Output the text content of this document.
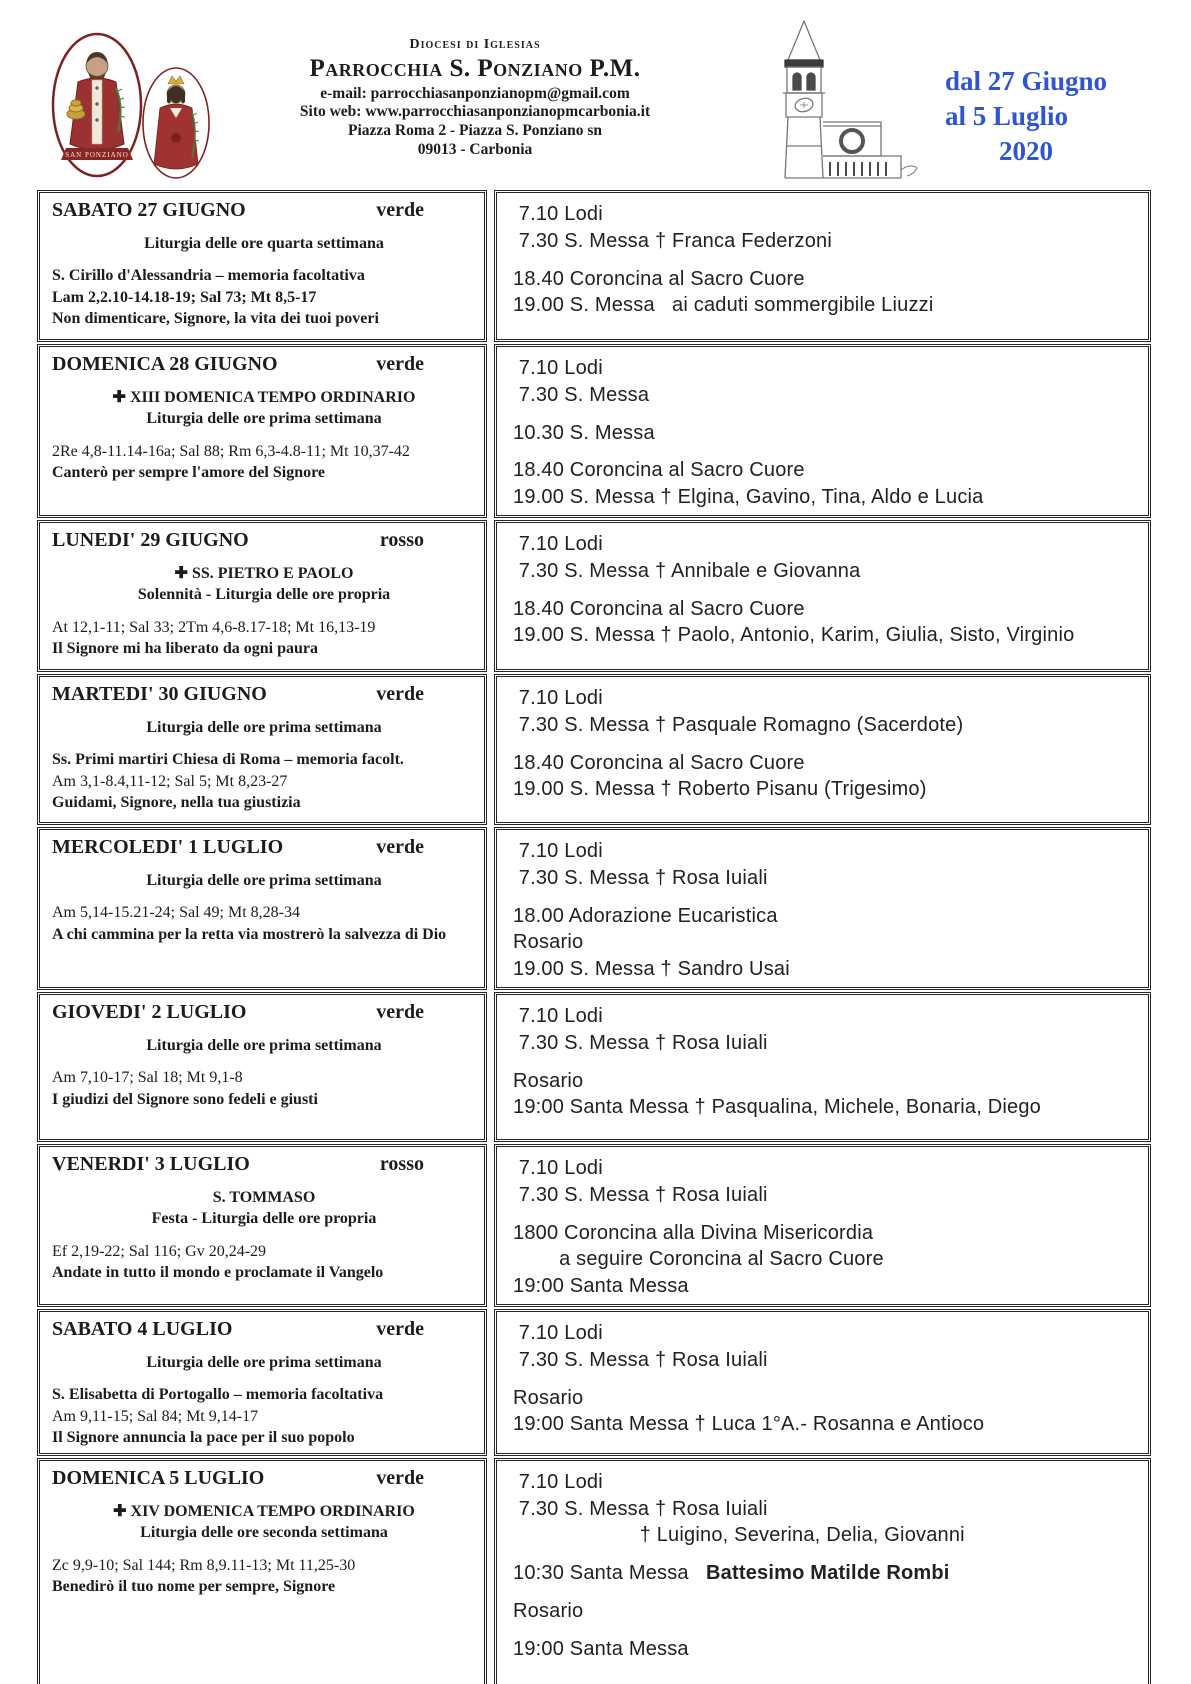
SAN PONZIANO
Diocesi di Iglesias
Parrocchia S. Ponziano P.M.
e-mail: parrocchiasanponzianopm@gmail.com
Sito web: www.parrocchiasanponzianopmcarbonia.it
Piazza Roma 2 - Piazza S. Ponziano sn
09013 - Carbonia
dal 27 Giugno
al 5 Luglio
2020
SABATO 27 GIUGNO	verde
Liturgia delle ore quarta settimana
S. Cirillo d'Alessandria – memoria facoltativa
Lam 2,2.10-14.18-19; Sal 73; Mt 8,5-17
Non dimenticare, Signore, la vita dei tuoi poveri

7.10 Lodi
7.30 S. Messa † Franca Federzoni
18.40 Coroncina al Sacro Cuore
19.00 S. Messa   ai caduti sommergibile Liuzzi

DOMENICA 28 GIUGNO	verde
✚ XIII DOMENICA TEMPO ORDINARIO
Liturgia delle ore prima settimana
2Re 4,8-11.14-16a; Sal 88; Rm 6,3-4.8-11; Mt 10,37-42
Canterò per sempre l'amore del Signore

7.10 Lodi
7.30 S. Messa
10.30 S. Messa
18.40 Coroncina al Sacro Cuore
19.00 S. Messa † Elgina, Gavino, Tina, Aldo e Lucia

LUNEDI' 29 GIUGNO	rosso
✚ SS. PIETRO E PAOLO
Solennità - Liturgia delle ore propria
At 12,1-11; Sal 33; 2Tm 4,6-8.17-18; Mt 16,13-19
Il Signore mi ha liberato da ogni paura

7.10 Lodi
7.30 S. Messa † Annibale e Giovanna
18.40 Coroncina al Sacro Cuore
19.00 S. Messa † Paolo, Antonio, Karim, Giulia, Sisto, Virginio

MARTEDI' 30 GIUGNO	verde
Liturgia delle ore prima settimana
Ss. Primi martiri Chiesa di Roma – memoria facolt.
Am 3,1-8.4,11-12; Sal 5; Mt 8,23-27
Guidami, Signore, nella tua giustizia

7.10 Lodi
7.30 S. Messa † Pasquale Romagno (Sacerdote)
18.40 Coroncina al Sacro Cuore
19.00 S. Messa † Roberto Pisanu (Trigesimo)

MERCOLEDI' 1 LUGLIO	verde
Liturgia delle ore prima settimana
Am 5,14-15.21-24; Sal 49; Mt 8,28-34
A chi cammina per la retta via mostrerò la salvezza di Dio

7.10 Lodi
7.30 S. Messa † Rosa Iuiali
18.00 Adorazione Eucaristica
Rosario
19.00 S. Messa † Sandro Usai

GIOVEDI' 2 LUGLIO	verde
Liturgia delle ore prima settimana
Am 7,10-17; Sal 18; Mt 9,1-8
I giudizi del Signore sono fedeli e giusti

7.10 Lodi
7.30 S. Messa † Rosa Iuiali
Rosario
19:00 Santa Messa † Pasqualina, Michele, Bonaria, Diego

VENERDI' 3 LUGLIO	rosso
S. TOMMASO
Festa - Liturgia delle ore propria
Ef 2,19-22; Sal 116; Gv 20,24-29
Andate in tutto il mondo e proclamate il Vangelo

7.10 Lodi
7.30 S. Messa † Rosa Iuiali
1800 Coroncina alla Divina Misericordia
a seguire Coroncina al Sacro Cuore
19:00 Santa Messa

SABATO 4 LUGLIO	verde
Liturgia delle ore prima settimana
S. Elisabetta di Portogallo – memoria facoltativa
Am 9,11-15; Sal 84; Mt 9,14-17
Il Signore annuncia la pace per il suo popolo

7.10 Lodi
7.30 S. Messa † Rosa Iuiali
Rosario
19:00 Santa Messa † Luca 1°A.- Rosanna e Antioco

DOMENICA 5 LUGLIO	verde
✚ XIV DOMENICA TEMPO ORDINARIO
Liturgia delle ore seconda settimana
Zc 9,9-10; Sal 144; Rm 8,9.11-13; Mt 11,25-30
Benedirò il tuo nome per sempre, Signore

7.10 Lodi
7.30 S. Messa † Rosa Iuiali
† Luigino, Severina, Delia, Giovanni
10:30 Santa Messa   Battesimo Matilde Rombi
Rosario
19:00 Santa Messa
